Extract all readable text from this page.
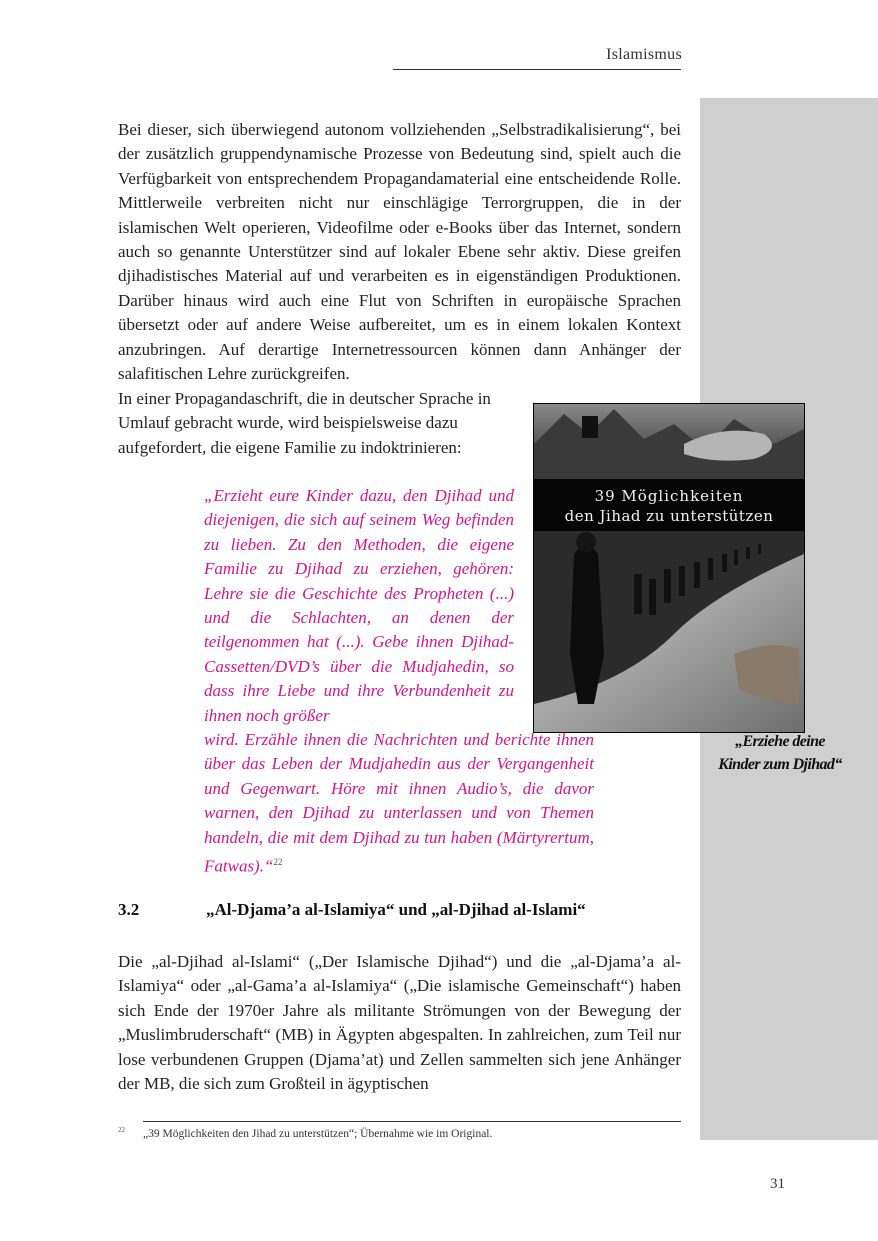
Islamismus

Bei dieser, sich überwiegend autonom vollziehenden „Selbstradikalisierung“, bei der zusätzlich gruppendynamische Prozesse von Bedeutung sind, spielt auch die Verfügbarkeit von entsprechendem Propagandamaterial eine entscheidende Rolle. Mittlerweile verbreiten nicht nur einschlägige Terrorgruppen, die in der islamischen Welt operieren, Videofilme oder e-Books über das Internet, sondern auch so genannte Unterstützer sind auf lokaler Ebene sehr aktiv. Diese greifen djihadistisches Material auf und verarbeiten es in eigenständigen Produktionen. Darüber hinaus wird auch eine Flut von Schriften in europäische Sprachen übersetzt oder auf andere Weise aufbereitet, um es in einem lokalen Kontext anzubringen. Auf derartige Internetressourcen können dann Anhänger der salafitischen Lehre zurückgreifen.

In einer Propagandaschrift, die in deutscher Sprache in Umlauf gebracht wurde, wird beispielsweise dazu aufgefordert, die eigene Familie zu indoktrinieren:

39 Möglichkeiten
den Jihad zu unterstützen
„Erziehe deine Kinder zum Djihad“

„Erzieht eure Kinder dazu, den Djihad und diejenigen, die sich auf seinem Weg befinden zu lieben. Zu den Methoden, die eigene Familie zu Djihad zu erziehen, gehören: Lehre sie die Geschichte des Propheten (...) und die Schlachten, an denen der teilgenommen hat (...). Gebe ihnen Djihad-Cassetten/DVD’s über die Mudjahedin, so dass ihre Liebe und ihre Verbundenheit zu ihnen noch größer

wird. Erzähle ihnen die Nachrichten und berichte ihnen über das Leben der Mudjahedin aus der Vergangenheit und Gegenwart. Höre mit ihnen Audio’s, die davor warnen, den Djihad zu unterlassen und von Themen handeln, die mit dem Djihad zu tun haben (Märtyrertum, Fatwas).“$^{22}$

3.2	„Al-Djama’a al-Islamiya“ und „al-Djihad al-Islami“

Die „al-Djihad al-Islami“ („Der Islamische Djihad“) und die „al-Djama’a al-Islamiya“ oder „al-Gama’a al-Islamiya“ („Die islamische Gemeinschaft“) haben sich Ende der 1970er Jahre als militante Strömungen von der Bewegung der „Muslimbruderschaft“ (MB) in Ägypten abgespalten. In zahlreichen, zum Teil nur lose verbundenen Gruppen (Djama’at) und Zellen sammelten sich jene Anhänger der MB, die sich zum Großteil in ägyptischen

22 „39 Möglichkeiten den Jihad zu unterstützen“; Übernahme wie im Original.
31
